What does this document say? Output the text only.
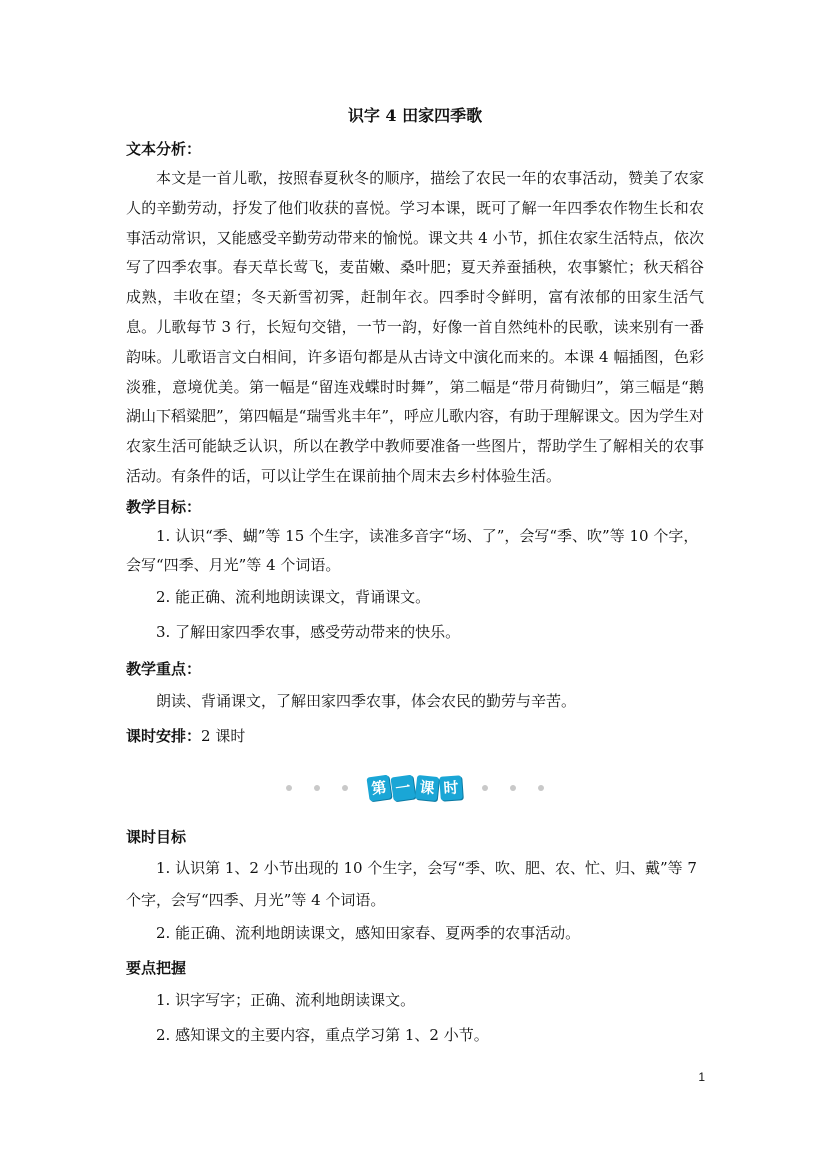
识字 4 田家四季歌
文本分析：

本文是一首儿歌，按照春夏秋冬的顺序，描绘了农民一年的农事活动，赞美了农家人的辛勤劳动，抒发了他们收获的喜悦。学习本课，既可了解一年四季农作物生长和农事活动常识，又能感受辛勤劳动带来的愉悦。课文共 4 小节，抓住农家生活特点，依次写了四季农事。春天草长莺飞，麦苗嫩、桑叶肥；夏天养蚕插秧，农事繁忙；秋天稻谷成熟，丰收在望；冬天新雪初霁，赶制年衣。四季时令鲜明，富有浓郁的田家生活气息。儿歌每节 3 行，长短句交错，一节一韵，好像一首自然纯朴的民歌，读来别有一番韵味。儿歌语言文白相间，许多语句都是从古诗文中演化而来的。本课 4 幅插图，色彩淡雅，意境优美。第一幅是“留连戏蝶时时舞”，第二幅是“带月荷锄归”，第三幅是“鹅湖山下稻粱肥”，第四幅是“瑞雪兆丰年”，呼应儿歌内容，有助于理解课文。因为学生对农家生活可能缺乏认识，所以在教学中教师要准备一些图片，帮助学生了解相关的农事活动。有条件的话，可以让学生在课前抽个周末去乡村体验生活。

教学目标：

1. 认识“季、蝴”等 15 个生字，读准多音字“场、了”，会写“季、吹”等 10 个字，会写“四季、月光”等 4 个词语。

2. 能正确、流利地朗读课文，背诵课文。

3. 了解田家四季农事，感受劳动带来的快乐。

教学重点：

朗读、背诵课文，了解田家四季农事，体会农民的勤劳与辛苦。

课时安排：2 课时

第 一 课 时
课时目标

1. 认识第 1、2 小节出现的 10 个生字，会写“季、吹、肥、农、忙、归、戴”等 7 个字，会写“四季、月光”等 4 个词语。

2. 能正确、流利地朗读课文，感知田家春、夏两季的农事活动。

要点把握

1. 识字写字；正确、流利地朗读课文。

2. 感知课文的主要内容，重点学习第 1、2 小节。

1
